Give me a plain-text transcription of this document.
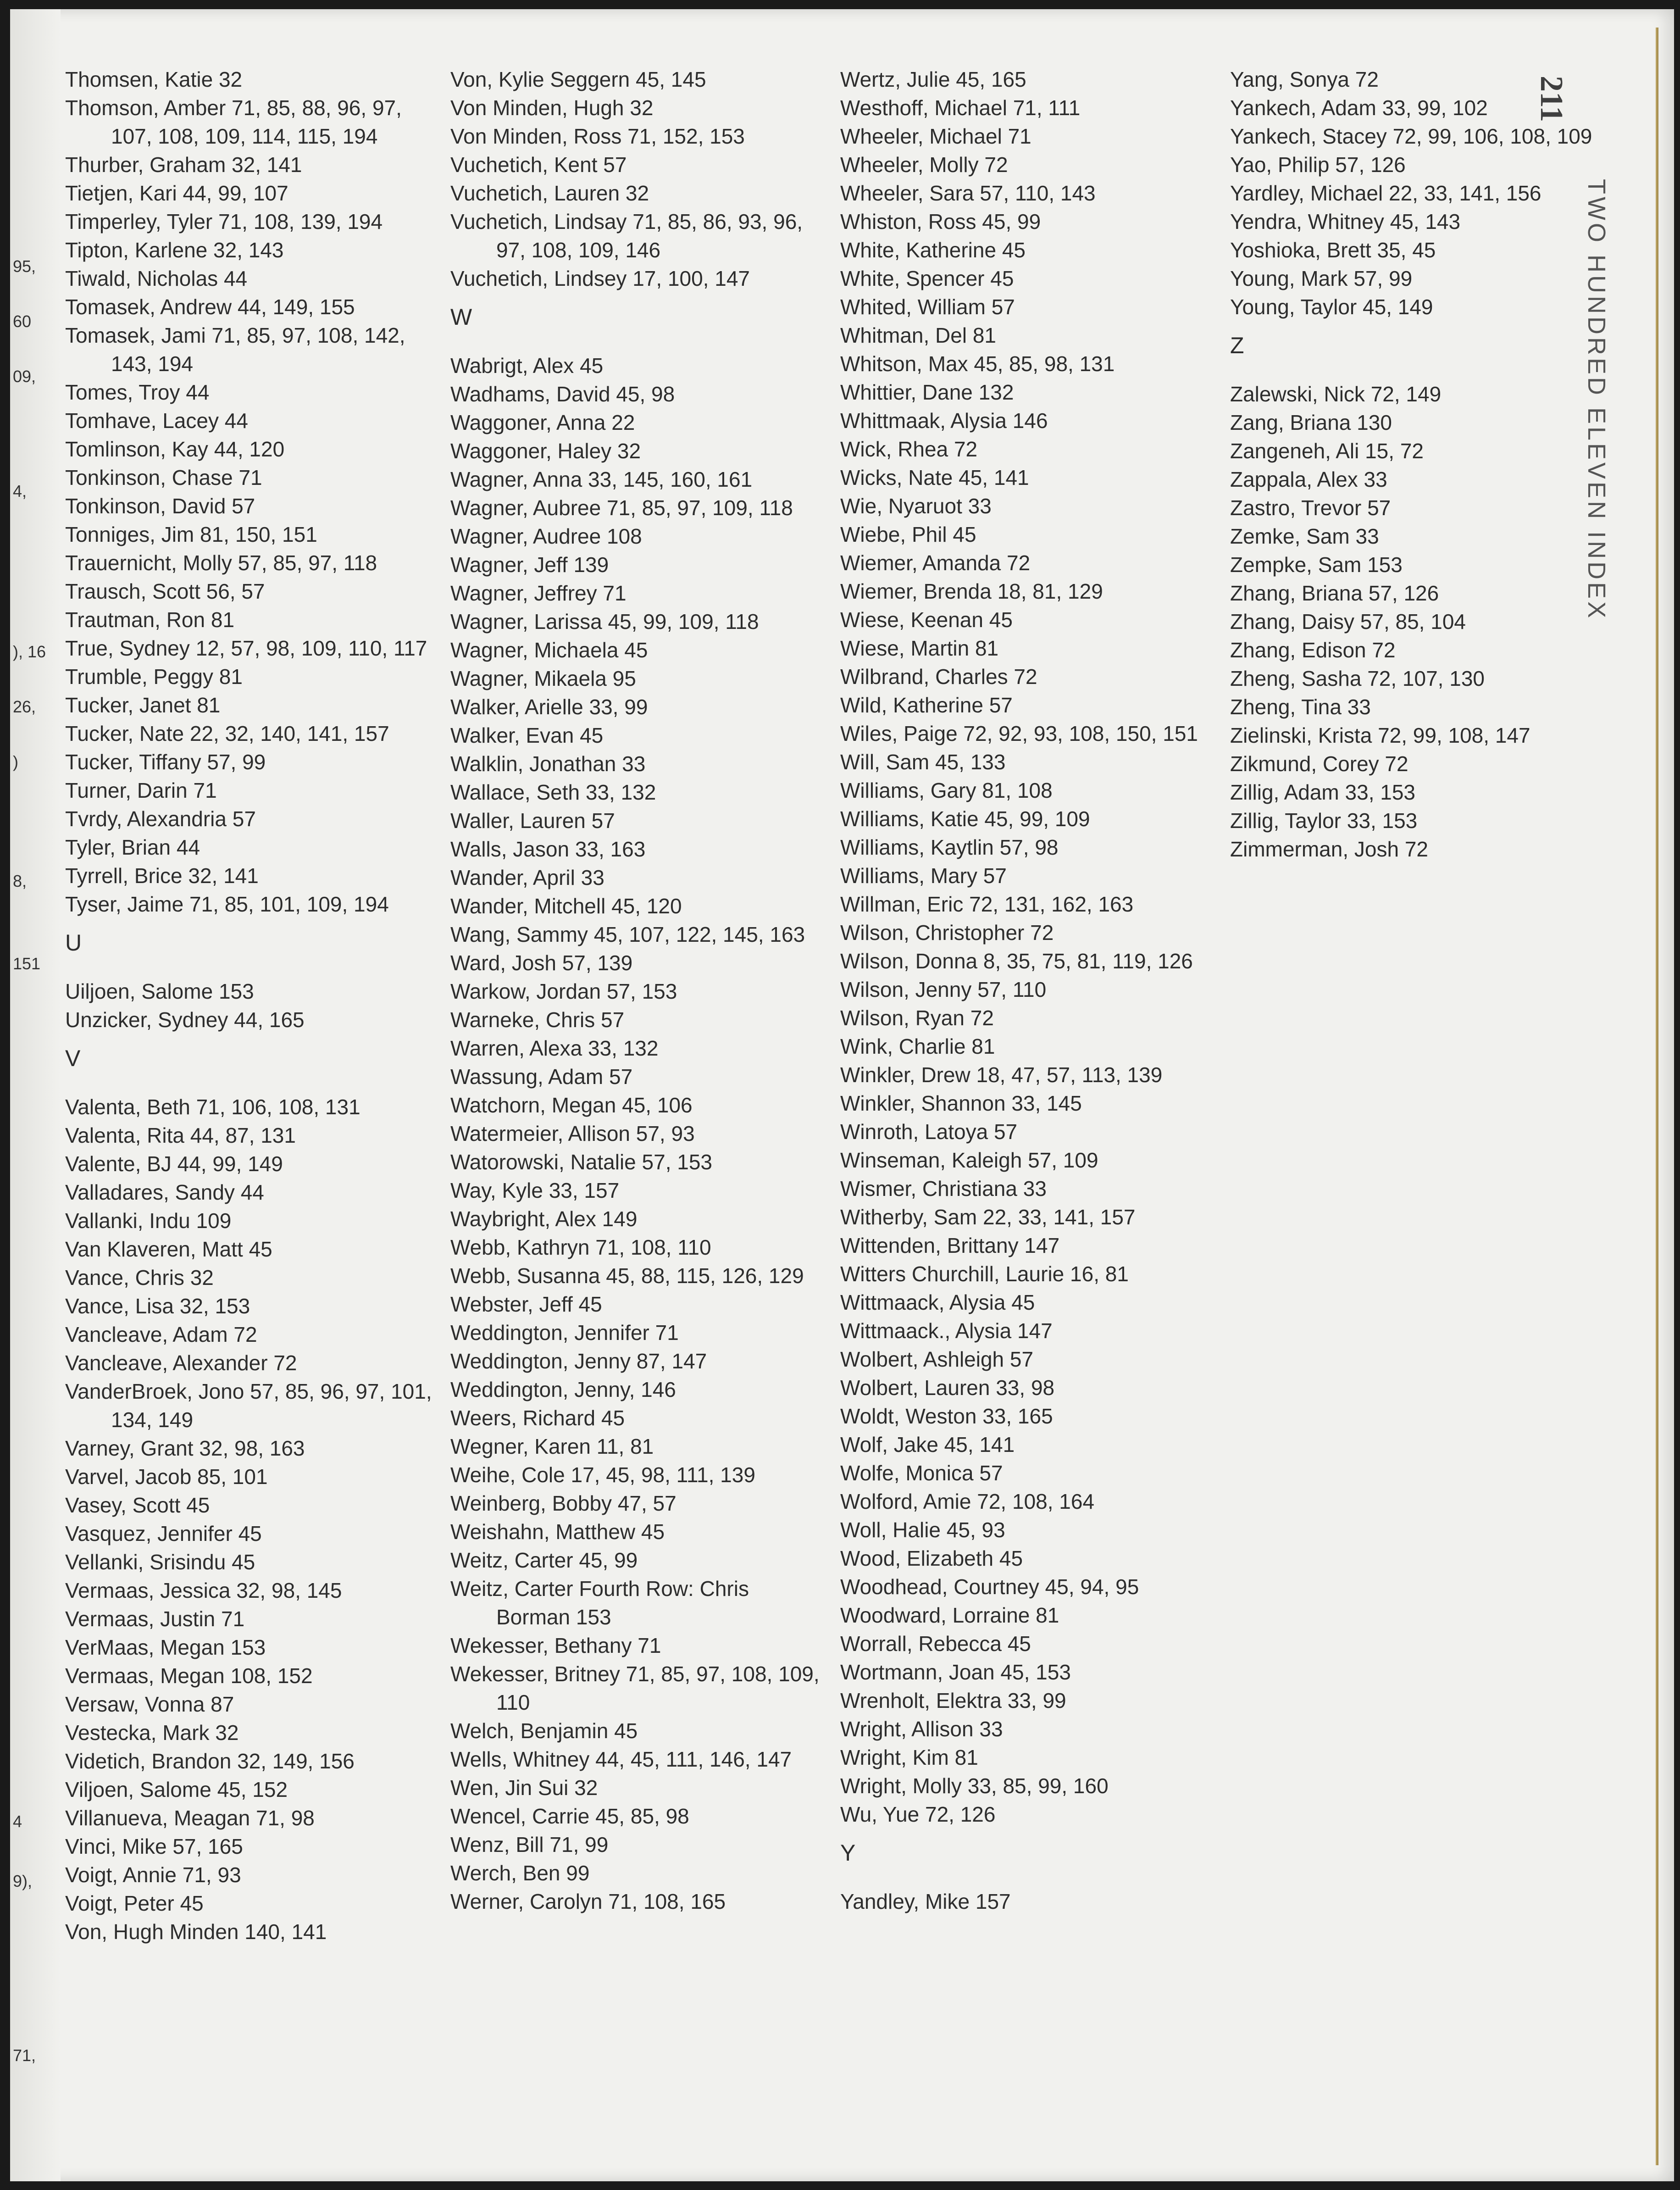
95,
60
09,
4,
), 16
26,
)
8,
151
4
9),
71,
211
TWO HUNDRED ELEVEN INDEX
Thomsen, Katie 32
Thomson, Amber 71, 85, 88, 96, 97, 107, 108, 109, 114, 115, 194
Thurber, Graham 32, 141
Tietjen, Kari 44, 99, 107
Timperley, Tyler 71, 108, 139, 194
Tipton, Karlene 32, 143
Tiwald, Nicholas 44
Tomasek, Andrew 44, 149, 155
Tomasek, Jami 71, 85, 97, 108, 142, 143, 194
Tomes, Troy 44
Tomhave, Lacey 44
Tomlinson, Kay 44, 120
Tonkinson, Chase 71
Tonkinson, David 57
Tonniges, Jim 81, 150, 151
Trauernicht, Molly 57, 85, 97, 118
Trausch, Scott 56, 57
Trautman, Ron 81
True, Sydney 12, 57, 98, 109, 110, 117
Trumble, Peggy 81
Tucker, Janet 81
Tucker, Nate 22, 32, 140, 141, 157
Tucker, Tiffany 57, 99
Turner, Darin 71
Tvrdy, Alexandria 57
Tyler, Brian 44
Tyrrell, Brice 32, 141
Tyser, Jaime 71, 85, 101, 109, 194
U
Uiljoen, Salome 153
Unzicker, Sydney 44, 165
V
Valenta, Beth 71, 106, 108, 131
Valenta, Rita 44, 87, 131
Valente, BJ 44, 99, 149
Valladares, Sandy 44
Vallanki, Indu 109
Van Klaveren, Matt 45
Vance, Chris 32
Vance, Lisa 32, 153
Vancleave, Adam 72
Vancleave, Alexander 72
VanderBroek, Jono 57, 85, 96, 97, 101, 134, 149
Varney, Grant 32, 98, 163
Varvel, Jacob 85, 101
Vasey, Scott 45
Vasquez, Jennifer 45
Vellanki, Srisindu 45
Vermaas, Jessica 32, 98, 145
Vermaas, Justin 71
VerMaas, Megan 153
Vermaas, Megan 108, 152
Versaw, Vonna 87
Vestecka, Mark 32
Videtich, Brandon 32, 149, 156
Viljoen, Salome 45, 152
Villanueva, Meagan 71, 98
Vinci, Mike 57, 165
Voigt, Annie 71, 93
Voigt, Peter 45
Von, Hugh Minden 140, 141
Von, Kylie Seggern 45, 145
Von Minden, Hugh 32
Von Minden, Ross 71, 152, 153
Vuchetich, Kent 57
Vuchetich, Lauren 32
Vuchetich, Lindsay 71, 85, 86, 93, 96, 97, 108, 109, 146
Vuchetich, Lindsey 17, 100, 147
W
Wabrigt, Alex 45
Wadhams, David 45, 98
Waggoner, Anna 22
Waggoner, Haley 32
Wagner, Anna 33, 145, 160, 161
Wagner, Aubree 71, 85, 97, 109, 118
Wagner, Audree 108
Wagner, Jeff 139
Wagner, Jeffrey 71
Wagner, Larissa 45, 99, 109, 118
Wagner, Michaela 45
Wagner, Mikaela 95
Walker, Arielle 33, 99
Walker, Evan 45
Walklin, Jonathan 33
Wallace, Seth 33, 132
Waller, Lauren 57
Walls, Jason 33, 163
Wander, April 33
Wander, Mitchell 45, 120
Wang, Sammy 45, 107, 122, 145, 163
Ward, Josh 57, 139
Warkow, Jordan 57, 153
Warneke, Chris 57
Warren, Alexa 33, 132
Wassung, Adam 57
Watchorn, Megan 45, 106
Watermeier, Allison 57, 93
Watorowski, Natalie 57, 153
Way, Kyle 33, 157
Waybright, Alex 149
Webb, Kathryn 71, 108, 110
Webb, Susanna 45, 88, 115, 126, 129
Webster, Jeff 45
Weddington, Jennifer 71
Weddington, Jenny 87, 147
Weddington, Jenny, 146
Weers, Richard 45
Wegner, Karen 11, 81
Weihe, Cole 17, 45, 98, 111, 139
Weinberg, Bobby 47, 57
Weishahn, Matthew 45
Weitz, Carter 45, 99
Weitz, Carter Fourth Row: Chris Borman 153
Wekesser, Bethany 71
Wekesser, Britney 71, 85, 97, 108, 109, 110
Welch, Benjamin 45
Wells, Whitney 44, 45, 111, 146, 147
Wen, Jin Sui 32
Wencel, Carrie 45, 85, 98
Wenz, Bill 71, 99
Werch, Ben 99
Werner, Carolyn 71, 108, 165
Wertz, Julie 45, 165
Westhoff, Michael 71, 111
Wheeler, Michael 71
Wheeler, Molly 72
Wheeler, Sara 57, 110, 143
Whiston, Ross 45, 99
White, Katherine 45
White, Spencer 45
Whited, William 57
Whitman, Del 81
Whitson, Max 45, 85, 98, 131
Whittier, Dane 132
Whittmaak, Alysia 146
Wick, Rhea 72
Wicks, Nate 45, 141
Wie, Nyaruot 33
Wiebe, Phil 45
Wiemer, Amanda 72
Wiemer, Brenda 18, 81, 129
Wiese, Keenan 45
Wiese, Martin 81
Wilbrand, Charles 72
Wild, Katherine 57
Wiles, Paige 72, 92, 93, 108, 150, 151
Will, Sam 45, 133
Williams, Gary 81, 108
Williams, Katie 45, 99, 109
Williams, Kaytlin 57, 98
Williams, Mary 57
Willman, Eric 72, 131, 162, 163
Wilson, Christopher 72
Wilson, Donna 8, 35, 75, 81, 119, 126
Wilson, Jenny 57, 110
Wilson, Ryan 72
Wink, Charlie 81
Winkler, Drew 18, 47, 57, 113, 139
Winkler, Shannon 33, 145
Winroth, Latoya 57
Winseman, Kaleigh 57, 109
Wismer, Christiana 33
Witherby, Sam 22, 33, 141, 157
Wittenden, Brittany 147
Witters Churchill, Laurie 16, 81
Wittmaack, Alysia 45
Wittmaack., Alysia 147
Wolbert, Ashleigh 57
Wolbert, Lauren 33, 98
Woldt, Weston 33, 165
Wolf, Jake 45, 141
Wolfe, Monica 57
Wolford, Amie 72, 108, 164
Woll, Halie 45, 93
Wood, Elizabeth 45
Woodhead, Courtney 45, 94, 95
Woodward, Lorraine 81
Worrall, Rebecca 45
Wortmann, Joan 45, 153
Wrenholt, Elektra 33, 99
Wright, Allison 33
Wright, Kim 81
Wright, Molly 33, 85, 99, 160
Wu, Yue 72, 126
Y
Yandley, Mike 157
Yang, Sonya 72
Yankech, Adam 33, 99, 102
Yankech, Stacey 72, 99, 106, 108, 109
Yao, Philip 57, 126
Yardley, Michael 22, 33, 141, 156
Yendra, Whitney 45, 143
Yoshioka, Brett 35, 45
Young, Mark 57, 99
Young, Taylor 45, 149
Z
Zalewski, Nick 72, 149
Zang, Briana 130
Zangeneh, Ali 15, 72
Zappala, Alex 33
Zastro, Trevor 57
Zemke, Sam 33
Zempke, Sam 153
Zhang, Briana 57, 126
Zhang, Daisy 57, 85, 104
Zhang, Edison 72
Zheng, Sasha 72, 107, 130
Zheng, Tina 33
Zielinski, Krista 72, 99, 108, 147
Zikmund, Corey 72
Zillig, Adam 33, 153
Zillig, Taylor 33, 153
Zimmerman, Josh 72
